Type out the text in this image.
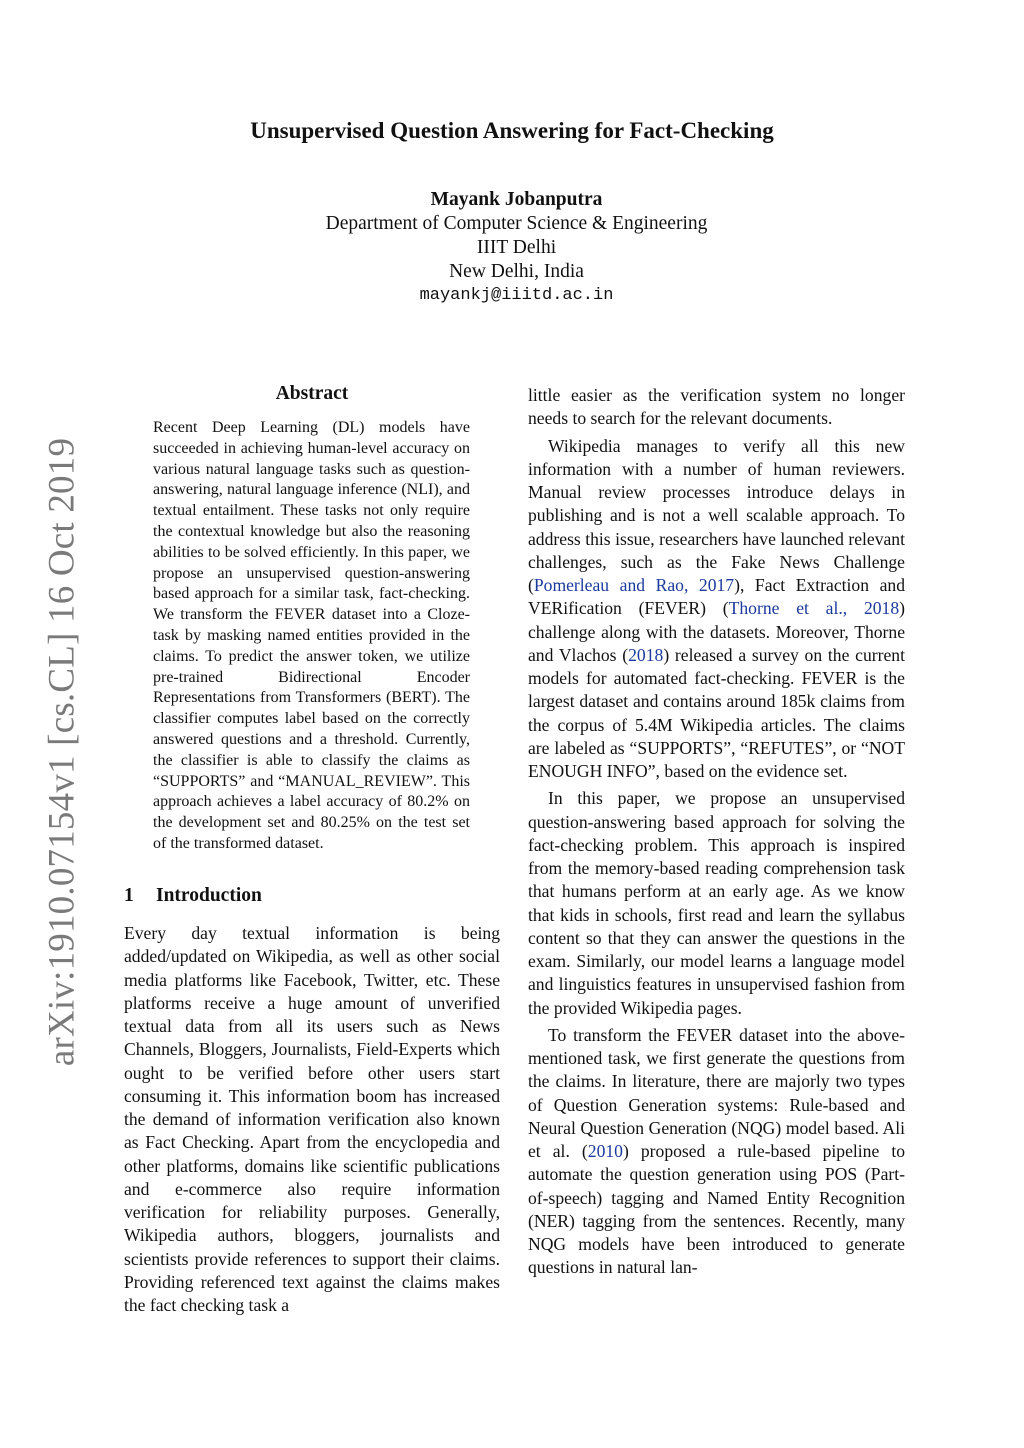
arXiv:1910.07154v1 [cs.CL] 16 Oct 2019
Unsupervised Question Answering for Fact-Checking
Mayank Jobanputra
Department of Computer Science & Engineering
IIIT Delhi
New Delhi, India
mayankj@iiitd.ac.in
Abstract

Recent Deep Learning (DL) models have succeeded in achieving human-level accuracy on various natural language tasks such as question-answering, natural language inference (NLI), and textual entailment. These tasks not only require the contextual knowledge but also the reasoning abilities to be solved efficiently. In this paper, we propose an unsupervised question-answering based approach for a similar task, fact-checking. We transform the FEVER dataset into a Cloze-task by masking named entities provided in the claims. To predict the answer token, we utilize pre-trained Bidirectional Encoder Representations from Transformers (BERT). The classifier computes label based on the correctly answered questions and a threshold. Currently, the classifier is able to classify the claims as “SUPPORTS” and “MANUAL_REVIEW”. This approach achieves a label accuracy of 80.2% on the development set and 80.25% on the test set of the transformed dataset.

1 Introduction

Every day textual information is being added/updated on Wikipedia, as well as other social media platforms like Facebook, Twitter, etc. These platforms receive a huge amount of unverified textual data from all its users such as News Channels, Bloggers, Journalists, Field-Experts which ought to be verified before other users start consuming it. This information boom has increased the demand of information verification also known as Fact Checking. Apart from the encyclopedia and other platforms, domains like scientific publications and e-commerce also require information verification for reliability purposes. Generally, Wikipedia authors, bloggers, journalists and scientists provide references to support their claims. Providing referenced text against the claims makes the fact checking task a

little easier as the verification system no longer needs to search for the relevant documents.

Wikipedia manages to verify all this new information with a number of human reviewers. Manual review processes introduce delays in publishing and is not a well scalable approach. To address this issue, researchers have launched relevant challenges, such as the Fake News Challenge (Pomerleau and Rao, 2017), Fact Extraction and VERification (FEVER) (Thorne et al., 2018) challenge along with the datasets. Moreover, Thorne and Vlachos (2018) released a survey on the current models for automated fact-checking. FEVER is the largest dataset and contains around 185k claims from the corpus of 5.4M Wikipedia articles. The claims are labeled as “SUPPORTS”, “REFUTES”, or “NOT ENOUGH INFO”, based on the evidence set.

In this paper, we propose an unsupervised question-answering based approach for solving the fact-checking problem. This approach is inspired from the memory-based reading comprehension task that humans perform at an early age. As we know that kids in schools, first read and learn the syllabus content so that they can answer the questions in the exam. Similarly, our model learns a language model and linguistics features in unsupervised fashion from the provided Wikipedia pages.

To transform the FEVER dataset into the above-mentioned task, we first generate the questions from the claims. In literature, there are majorly two types of Question Generation systems: Rule-based and Neural Question Generation (NQG) model based. Ali et al. (2010) proposed a rule-based pipeline to automate the question generation using POS (Part-of-speech) tagging and Named Entity Recognition (NER) tagging from the sentences. Recently, many NQG models have been introduced to generate questions in natural lan-
